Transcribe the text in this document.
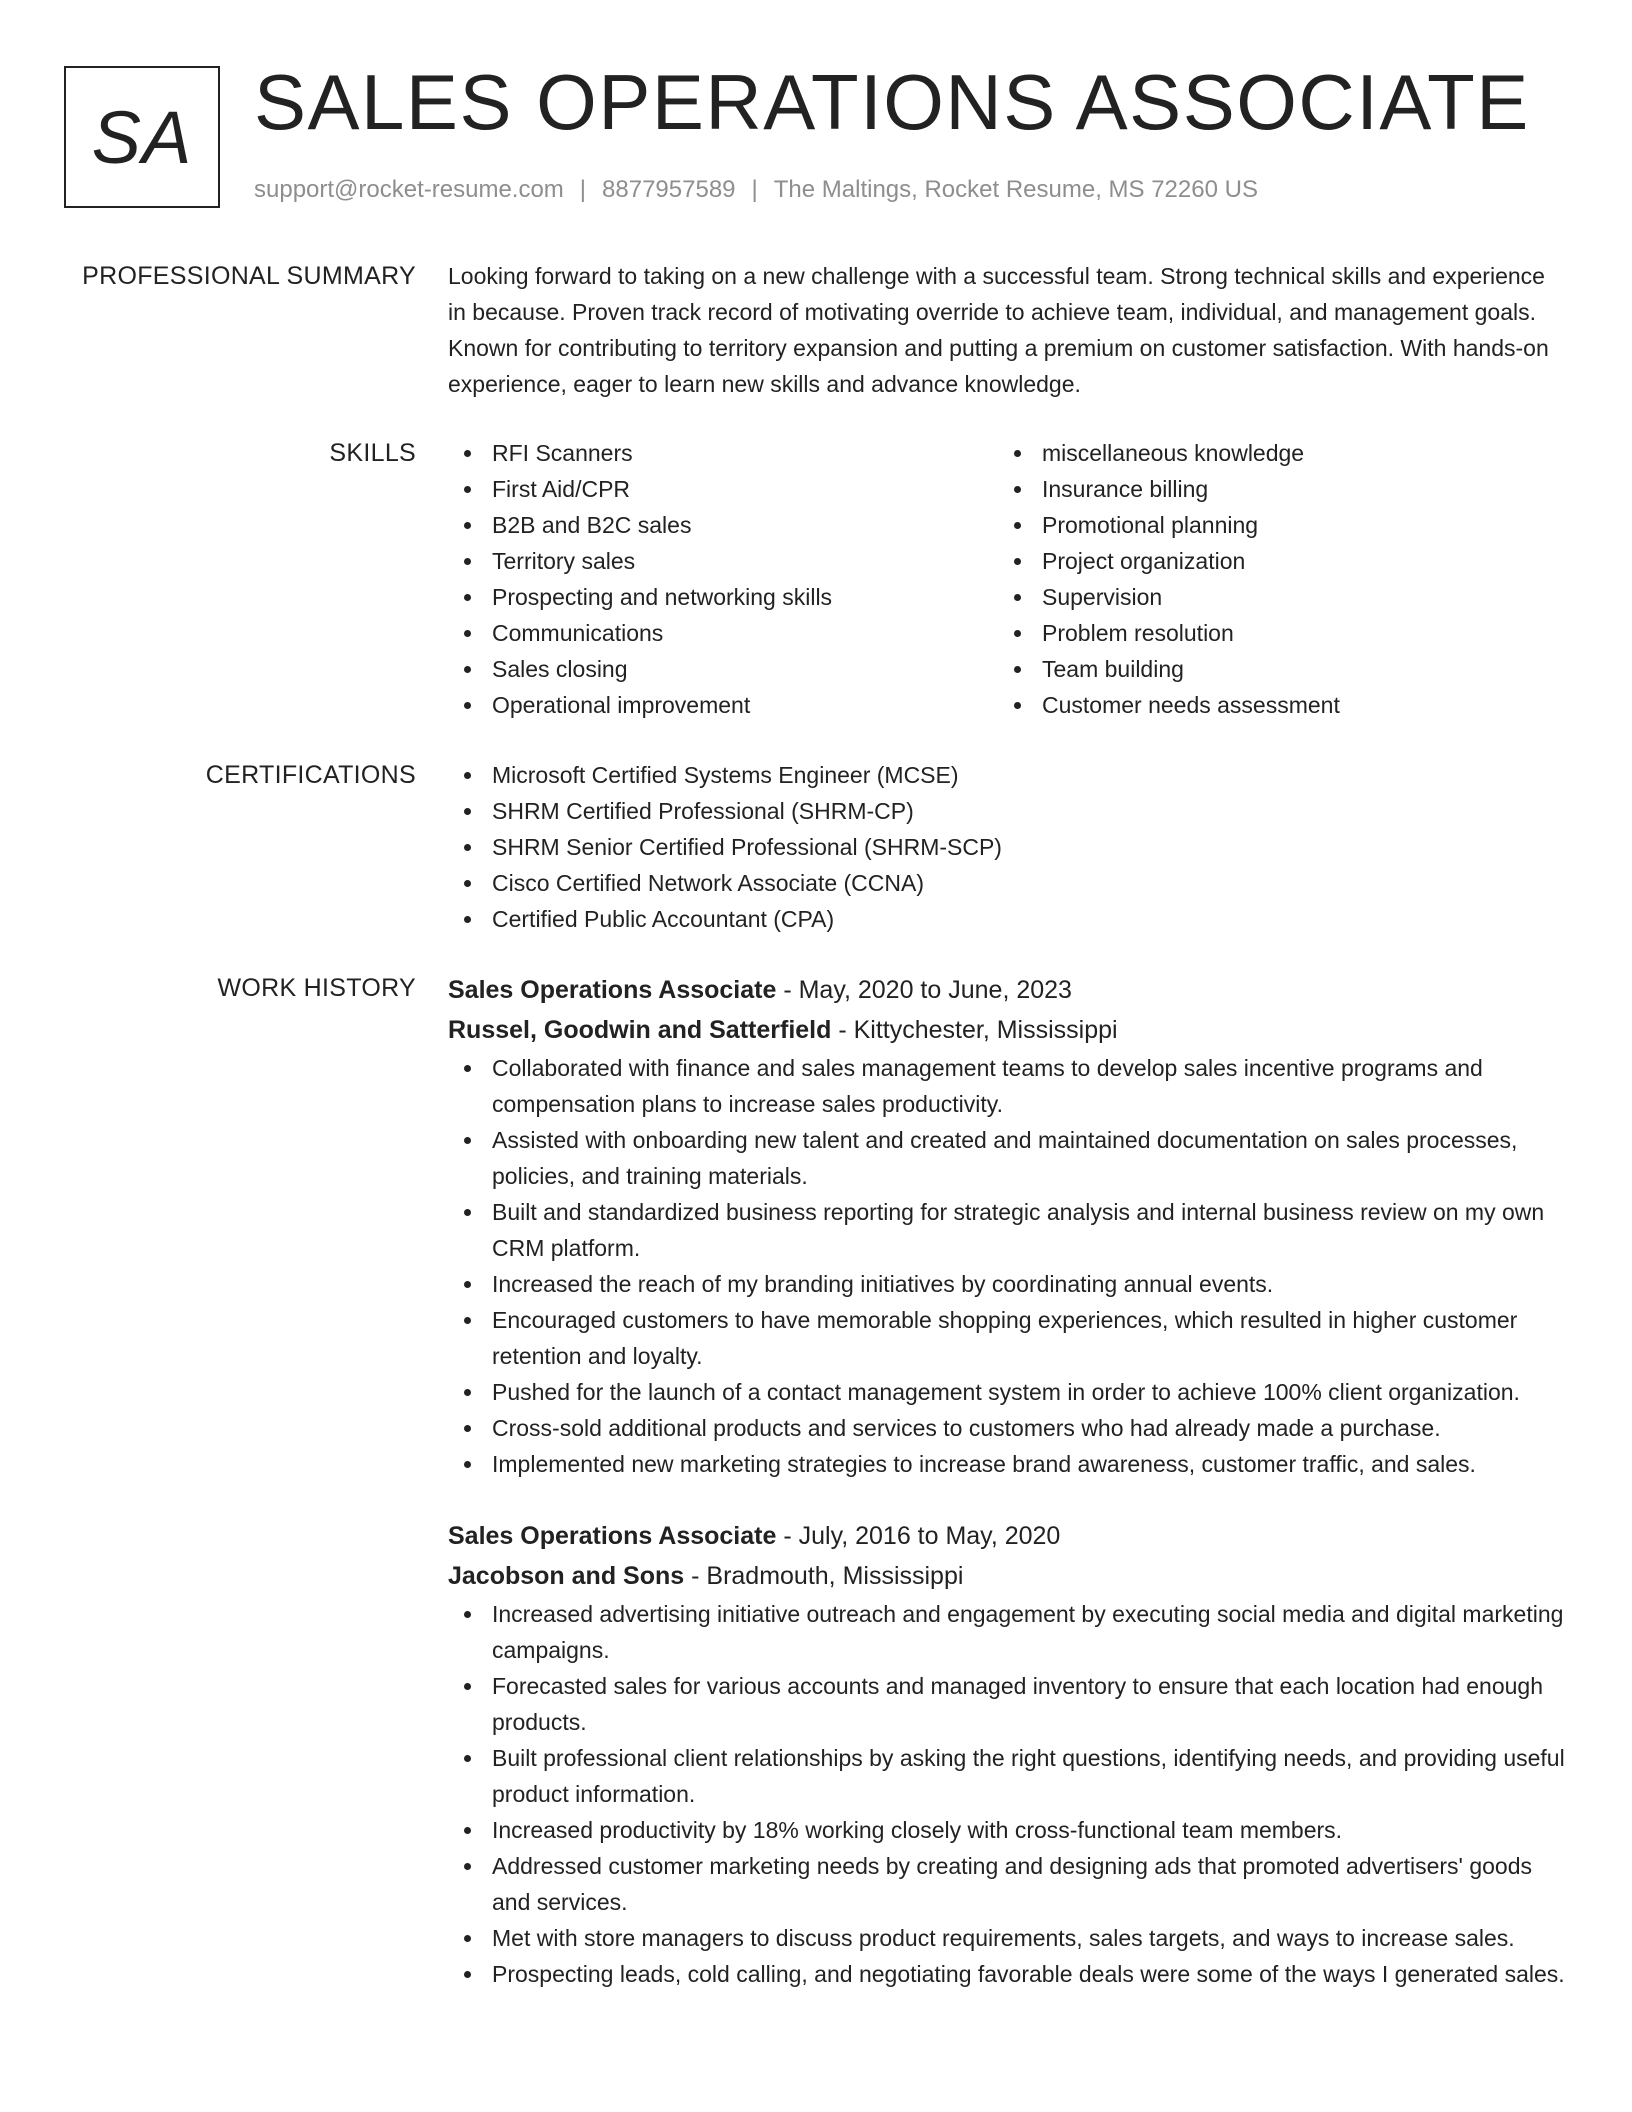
SA SALES OPERATIONS ASSOCIATE
support@rocket-resume.com | 8877957589 | The Maltings, Rocket Resume, MS 72260 US
PROFESSIONAL SUMMARY Looking forward to taking on a new challenge with a successful team. Strong technical skills and experience in because. Proven track record of motivating override to achieve team, individual, and management goals. Known for contributing to territory expansion and putting a premium on customer satisfaction. With hands-on experience, eager to learn new skills and advance knowledge.

SKILLS	RFI Scanners
First Aid/CPR
B2B and B2C sales
Territory sales
Prospecting and networking skills
Communications
Sales closing
Operational improvement
miscellaneous knowledge
Insurance billing
Promotional planning
Project organization
Supervision
Problem resolution
Team building
Customer needs assessment
CERTIFICATIONS	Microsoft Certified Systems Engineer (MCSE)
SHRM Certified Professional (SHRM-CP)
SHRM Senior Certified Professional (SHRM-SCP)
Cisco Certified Network Associate (CCNA)
Certified Public Accountant (CPA)
WORK HISTORY Sales Operations Associate - May, 2020 to June, 2023
Russel, Goodwin and Satterfield - Kittychester, Mississippi
Collaborated with finance and sales management teams to develop sales incentive programs and compensation plans to increase sales productivity.
Assisted with onboarding new talent and created and maintained documentation on sales processes, policies, and training materials.
Built and standardized business reporting for strategic analysis and internal business review on my own CRM platform.
Increased the reach of my branding initiatives by coordinating annual events.
Encouraged customers to have memorable shopping experiences, which resulted in higher customer retention and loyalty.
Pushed for the launch of a contact management system in order to achieve 100% client organization.
Cross-sold additional products and services to customers who had already made a purchase.
Implemented new marketing strategies to increase brand awareness, customer traffic, and sales.
Sales Operations Associate - July, 2016 to May, 2020
Jacobson and Sons - Bradmouth, Mississippi
Increased advertising initiative outreach and engagement by executing social media and digital marketing campaigns.
Forecasted sales for various accounts and managed inventory to ensure that each location had enough products.
Built professional client relationships by asking the right questions, identifying needs, and providing useful product information.
Increased productivity by 18% working closely with cross-functional team members.
Addressed customer marketing needs by creating and designing ads that promoted advertisers' goods and services.
Met with store managers to discuss product requirements, sales targets, and ways to increase sales.
Prospecting leads, cold calling, and negotiating favorable deals were some of the ways I generated sales.
